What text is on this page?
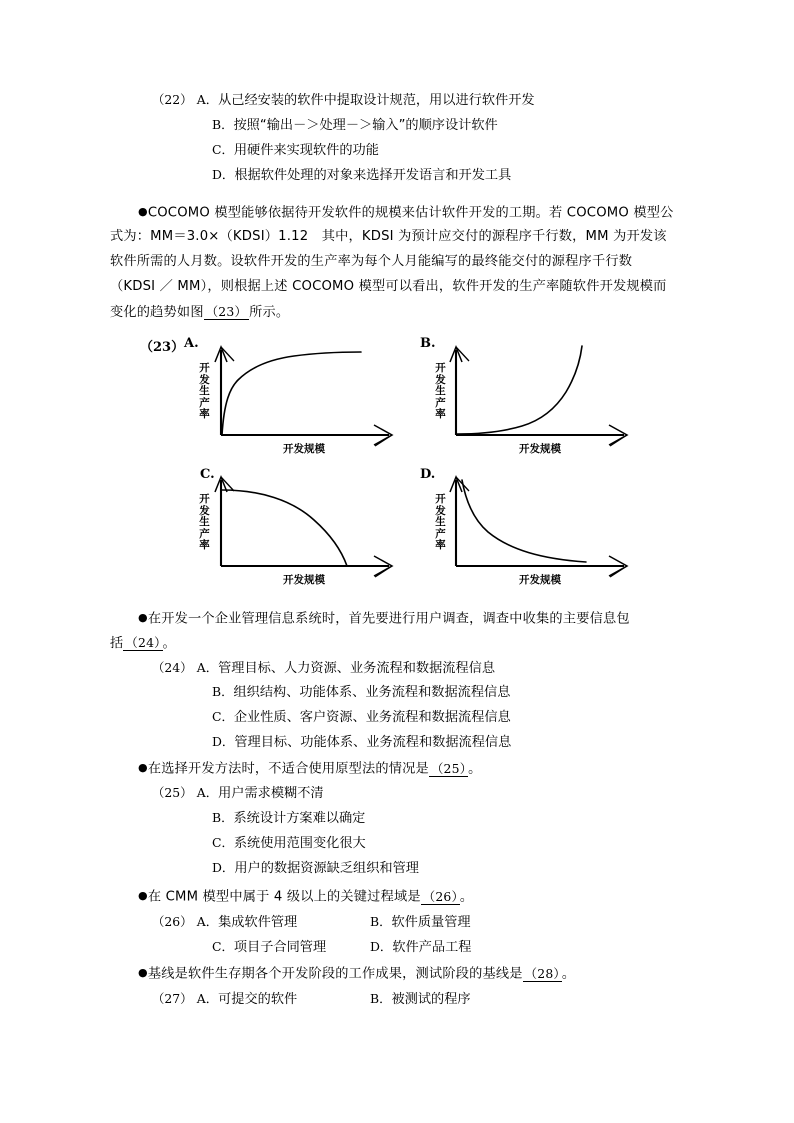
（22） A．从己经安装的软件中提取设计规范，用以进行软件开发
B．按照“输出－＞处理－＞输入”的顺序设计软件
C．用硬件来实现软件的功能
D．根据软件处理的对象来选择开发语言和开发工具
●COCOMO 模型能够依据待开发软件的规模来估计软件开发的工期。若 COCOMO 模型公
式为：MM＝3.0×（KDSI）1.12　其中，KDSI 为预计应交付的源程序千行数，MM 为开发该
软件所需的人月数。设软件开发的生产率为每个人月能编写的最终能交付的源程序千行数
（KDSI ／ MM），则根据上述 COCOMO 模型可以看出，软件开发的生产率随软件开发规模而
变化的趋势如图 （23） 所示。
（23） A.
开
发
生
产
率
开发规模
B.
开
发
生
产
率
开发规模
C.
开
发
生
产
率
开发规模
D.
开
发
生
产
率
开发规模
●在开发一个企业管理信息系统时，首先要进行用户调查，调查中收集的主要信息包
括 （24） 。
（24） A．管理目标、人力资源、业务流程和数据流程信息
B．组织结构、功能体系、业务流程和数据流程信息
C．企业性质、客户资源、业务流程和数据流程信息
D．管理目标、功能体系、业务流程和数据流程信息
●在选择开发方法时，不适合使用原型法的情况是 （25） 。
（25） A．用户需求模糊不清
B．系统设计方案难以确定
C．系统使用范围变化很大
D．用户的数据资源缺乏组织和管理
●在 CMM 模型中属于 4 级以上的关键过程域是 （26） 。
（26） A．集成软件管理	B．软件质量管理
C．项目子合同管理	D．软件产品工程
●基线是软件生存期各个开发阶段的工作成果，测试阶段的基线是 （28） 。
（27） A．可提交的软件	B．被测试的程序
